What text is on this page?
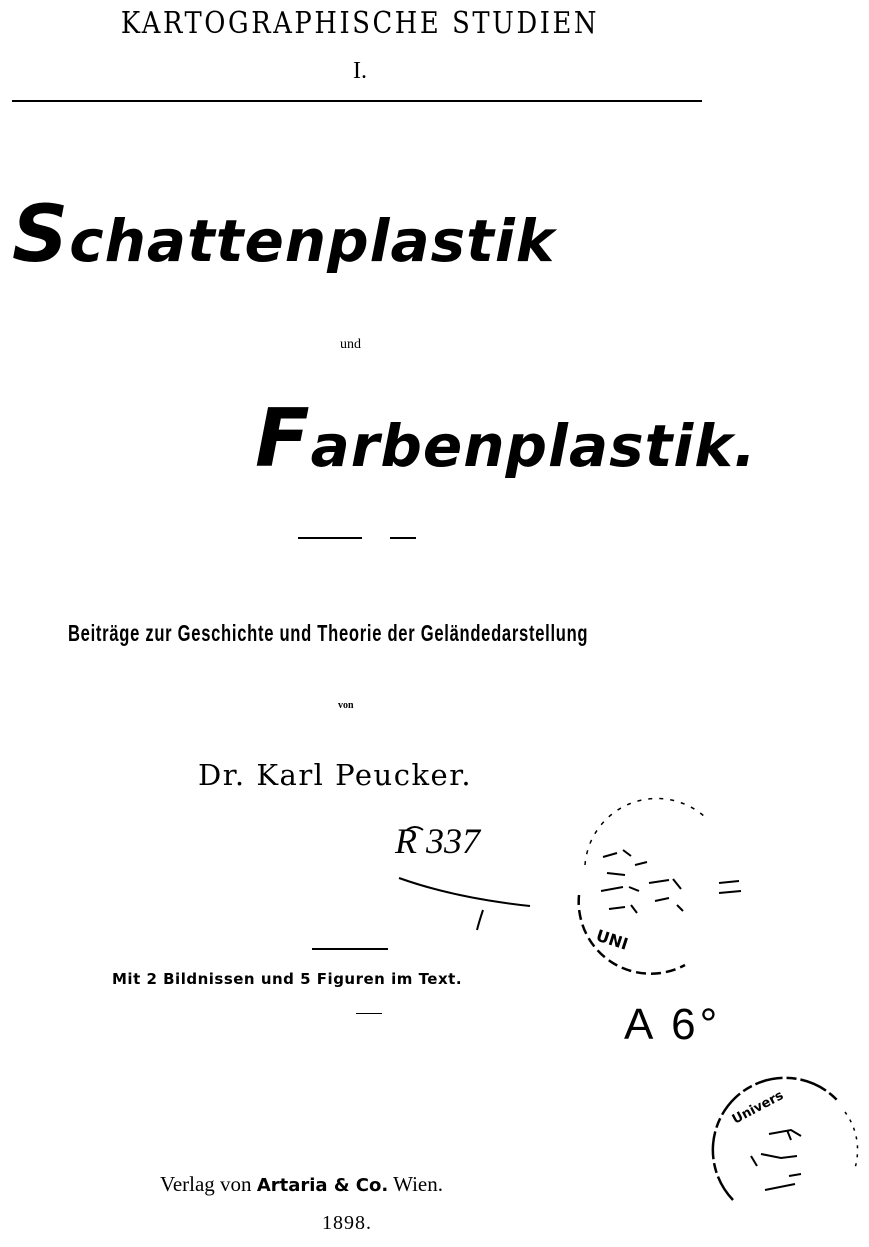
KARTOGRAPHISCHE STUDIEN
I.
Schattenplastik
und
Farbenplastik.
Beiträge zur Geschichte und Theorie der Geländedarstellung
von
Dr. Karl Peucker.
R 337
Mit 2 Bildnissen und 5 Figuren im Text.
A 6°
UNI
Univers
Verlag von Artaria & Co. Wien.
1898.
